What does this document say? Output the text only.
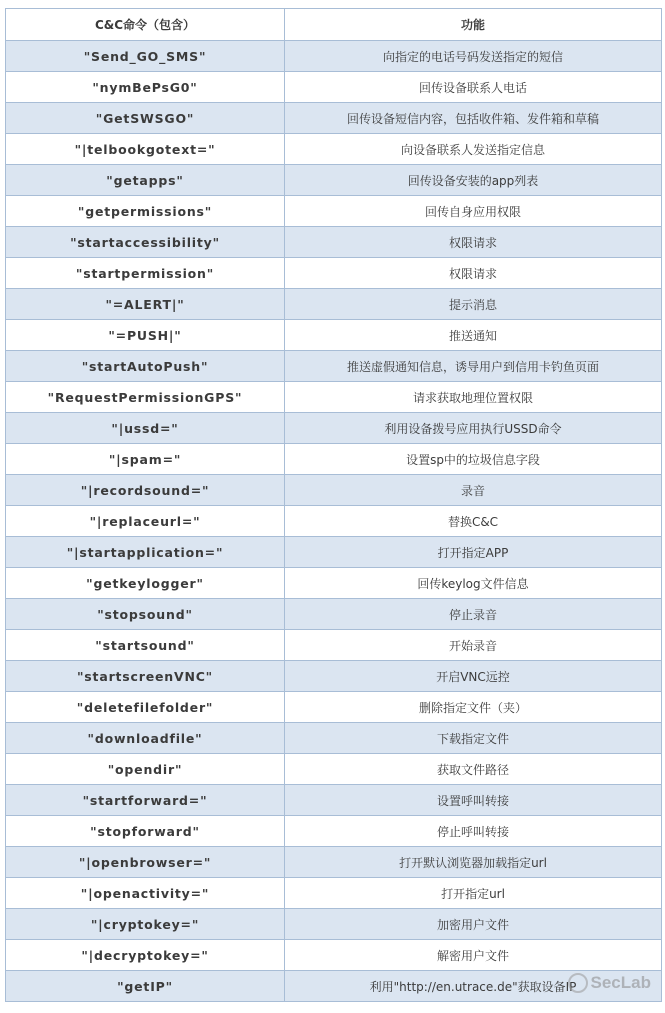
C&C命令（包含）	功能
"Send_GO_SMS"	向指定的电话号码发送指定的短信
"nymBePsG0"	回传设备联系人电话
"GetSWSGO"	回传设备短信内容，包括收件箱、发件箱和草稿
"|telbookgotext="	向设备联系人发送指定信息
"getapps"	回传设备安装的app列表
"getpermissions"	回传自身应用权限
"startaccessibility"	权限请求
"startpermission"	权限请求
"=ALERT|"	提示消息
"=PUSH|"	推送通知
"startAutoPush"	推送虚假通知信息，诱导用户到信用卡钓鱼页面
"RequestPermissionGPS"	请求获取地理位置权限
"|ussd="	利用设备拨号应用执行USSD命令
"|spam="	设置sp中的垃圾信息字段
"|recordsound="	录音
"|replaceurl="	替换C&C
"|startapplication="	打开指定APP
"getkeylogger"	回传keylog文件信息
"stopsound"	停止录音
"startsound"	开始录音
"startscreenVNC"	开启VNC远控
"deletefilefolder"	删除指定文件（夹）
"downloadfile"	下载指定文件
"opendir"	获取文件路径
"startforward="	设置呼叫转接
"stopforward"	停止呼叫转接
"|openbrowser="	打开默认浏览器加载指定url
"|openactivity="	打开指定url
"|cryptokey="	加密用户文件
"|decryptokey="	解密用户文件
"getIP"	利用"http://en.utrace.de"获取设备IP SecLab
